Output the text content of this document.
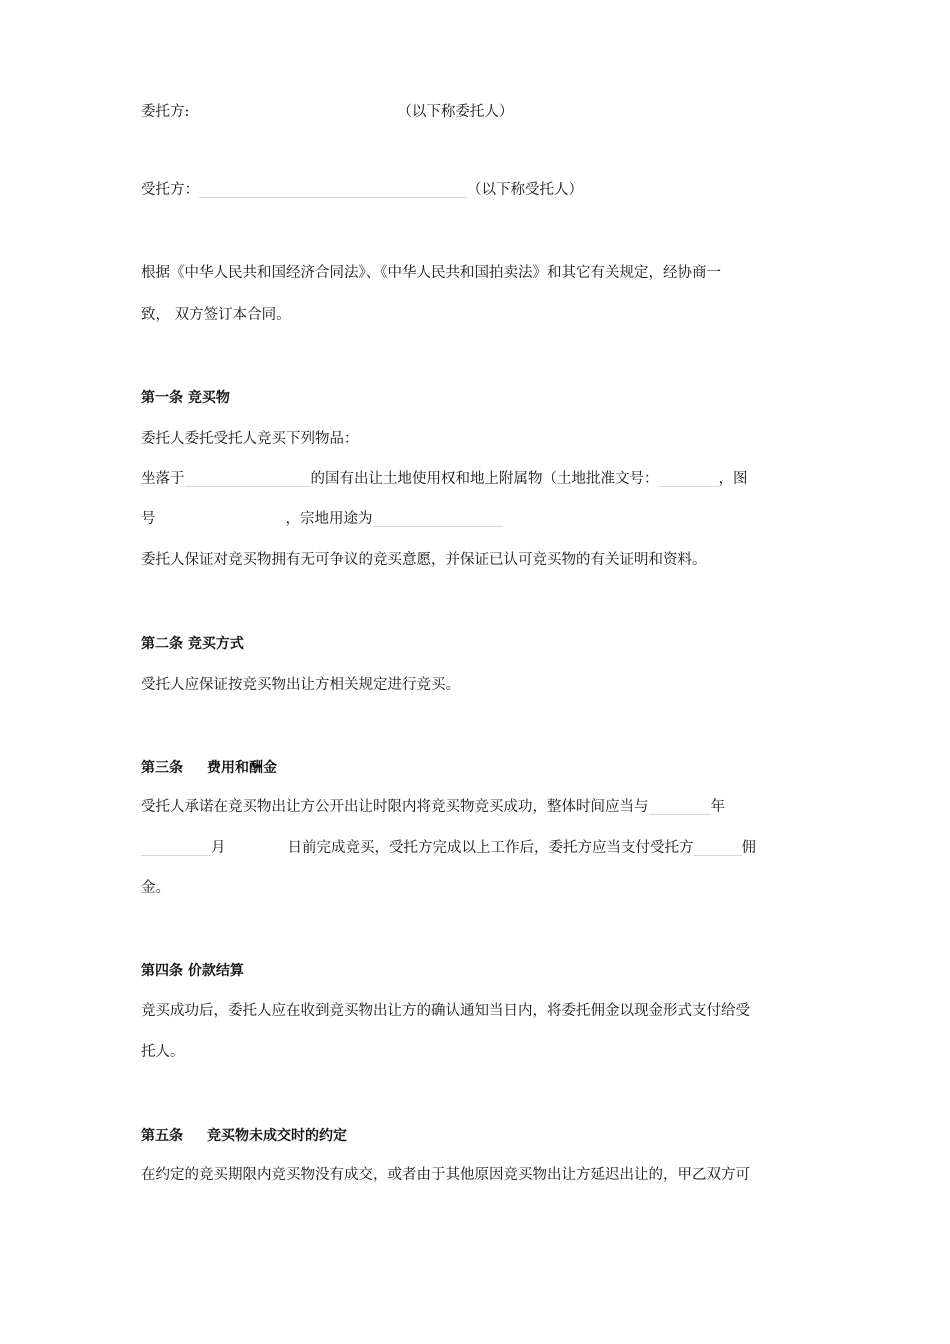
委托方:	（以下称委托人）
受托方：	（以下称受托人）
根据《中华人民共和国经济合同法》、《中华人民共和国拍卖法》和其它有关规定，经协商一
致， 双方签订本合同。
第一条 竞买物
委托人委托受托人竞买下列物品：
坐落于	的国有出让土地使用权和地上附属物（土地批准文号：	，图
号	，宗地用途为
委托人保证对竞买物拥有无可争议的竞买意愿，并保证已认可竞买物的有关证明和资料。
第二条 竞买方式
受托人应保证按竞买物出让方相关规定进行竞买。
第三条 费用和酬金
受托人承诺在竞买物出让方公开出让时限内将竞买物竞买成功，整体时间应当与	年
月	日前完成竞买，受托方完成以上工作后，委托方应当支付受托方	佣
金。
第四条 价款结算
竞买成功后，委托人应在收到竞买物出让方的确认通知当日内，将委托佣金以现金形式支付给受
托人。
第五条 竞买物未成交时的约定
在约定的竞买期限内竞买物没有成交，或者由于其他原因竞买物出让方延迟出让的，甲乙双方可
